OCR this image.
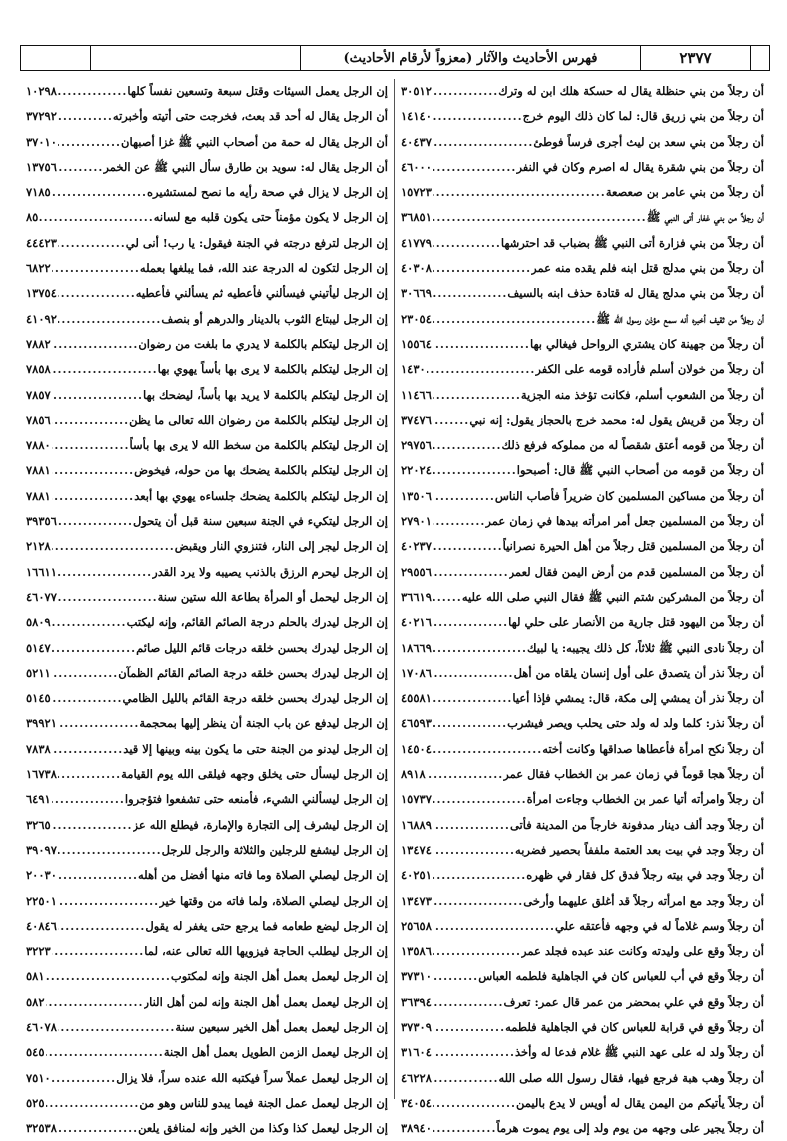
فهرس الأحاديث والآثار (معزواً لأرقام الأحاديث)	٢٣٧٧
إن الرجل يعمل السيئات وقتل سبعة وتسعين نفساً كلها
.....
١٠٢٩٨
أن الرجل يقال له أحد قد بعث، فخرجت حتى أتيته وأخبرته
.....
٣٧٢٩٢
أن الرجل يقال له حمة من أصحاب النبي ﷺ غزا أصبهان
.....
٣٧٠١٠
أن الرجل يقال له: سويد بن طارق سأل النبي ﷺ عن الخمر
.....
١٣٧٥٦
إن الرجل لا يزال في صحة رأيه ما نصح لمستشيره
.....
٧١٨٥
إن الرجل لا يكون مؤمناً حتى يكون قلبه مع لسانه
.....
٨٥
إن الرجل لترفع درجته في الجنة فيقول: يا رب! أنى لي
.....
٤٤٤٢٣
إن الرجل لتكون له الدرجة عند الله، فما يبلغها بعمله
.....
٦٨٢٢
إن الرجل ليأتيني فيسألني فأعطيه ثم يسألني فأعطيه
.....
١٣٧٥٤
إن الرجل ليبتاع الثوب بالدينار والدرهم أو بنصف
.....
٤١٠٩٢
إن الرجل ليتكلم بالكلمة لا يدري ما بلغت من رضوان
.....
٧٨٨٢
إن الرجل ليتكلم بالكلمة لا يرى بها بأساً يهوي بها
.....
٧٨٥٨
إن الرجل ليتكلم بالكلمة لا يريد بها بأساً، ليضحك بها
.....
٧٨٥٧
إن الرجل ليتكلم بالكلمة من رضوان الله تعالى ما يظن
.....
٧٨٥٦
إن الرجل ليتكلم بالكلمة من سخط الله لا يرى بها بأساً
.....
٧٨٨٠
إن الرجل ليتكلم بالكلمة يضحك بها من حوله، فيخوض
.....
٧٨٨١
إن الرجل ليتكلم بالكلمة يضحك جلساءه يهوي بها أبعد
.....
٧٨٨١
إن الرجل ليتكيء في الجنة سبعين سنة قبل أن يتحول
.....
٣٩٣٥٦
إن الرجل ليجر إلى النار، فتنزوي النار ويقبض
.....
٢١٢٨
إن الرجل ليحرم الرزق بالذنب يصيبه ولا يرد القدر
.....
١٦٦١١
إن الرجل ليحمل أو المرأة بطاعة الله ستين سنة
.....
٤٦٠٧٧
إن الرجل ليدرك بالحلم درجة الصائم القائم، وإنه ليكتب
.....
٥٨٠٩
إن الرجل ليدرك بحسن خلقه درجات قائم الليل صائم
.....
٥١٤٧
إن الرجل ليدرك بحسن خلقه درجة الصائم القائم الظمآن
.....
٥٢١١
إن الرجل ليدرك بحسن خلقه درجة القائم بالليل الظامي
.....
٥١٤٥
إن الرجل ليدفع عن باب الجنة أن ينظر إليها بمحجمة
.....
٣٩٩٢١
إن الرجل ليدنو من الجنة حتى ما يكون بينه وبينها إلا قيد
.....
٧٨٣٨
إن الرجل ليسأل حتى يخلق وجهه فيلقى الله يوم القيامة
.....
١٦٧٣٨
إن الرجل ليسألني الشيء، فأمنعه حتى تشفعوا فتؤجروا
.....
٦٤٩١
إن الرجل ليشرف إلى التجارة والإمارة، فيطلع الله عز
.....
٣٢٦٥
إن الرجل ليشفع للرجلين والثلاثة والرجل للرجل
.....
٣٩٠٩٧
إن الرجل ليصلي الصلاة وما فاته منها أفضل من أهله
.....
٢٠٠٣٠
إن الرجل ليصلي الصلاة، ولما فاته من وقتها خير
.....
٢٢٥٠١
إن الرجل ليضع طعامه فما يرجع حتى يغفر له يقول
.....
٤٠٨٤٦
إن الرجل ليطلب الحاجة فيزويها الله تعالى عنه، لما
.....
٣٢٢٣
إن الرجل ليعمل بعمل أهل الجنة وإنه لمكتوب
.....
٥٨١
إن الرجل ليعمل بعمل أهل الجنة وإنه لمن أهل النار
.....
٥٨٢
إن الرجل ليعمل بعمل أهل الخير سبعين سنة
.....
٤٦٠٧٨
إن الرجل ليعمل الزمن الطويل بعمل أهل الجنة
.....
٥٤٥
إن الرجل ليعمل عملاً سراً فيكتبه الله عنده سراً، فلا يزال
.....
٧٥١٠
إن الرجل ليعمل عمل الجنة فيما يبدو للناس وهو من
.....
٥٢٥
إن الرجل ليعمل كذا وكذا من الخير وإنه لمنافق يلعن
.....
٣٢٥٣٨
أن رجلاً من بني حنظلة يقال له حسكة هلك ابن له وترك
.....
٣٠٥١٢
أن رجلاً من بني زريق قال: لما كان ذلك اليوم خرج
.....
١٤١٤٠
أن رجلاً من بني سعد بن ليث أجرى فرساً فوطئ
.....
٤٠٤٣٧
أن رجلاً من بني شقرة يقال له اصرم وكان في النفر
.....
٤٦٠٠٠
أن رجلاً من بني عامر بن صعصعة
.....
١٥٧٢٣
أن رجلاً من بني غفار أتى النبي ﷺ
.....
٣٦٨٥١
أن رجلاً من بني فزارة أتى النبي ﷺ بضباب قد احترشها
.....
٤١٧٧٩
أن رجلاً من بني مدلج قتل ابنه فلم يقده منه عمر
.....
٤٠٣٠٨
أن رجلاً من بني مدلج يقال له قتادة حذف ابنه بالسيف
.....
٣٠٦٦٩
أن رجلاً من ثقيف أخبره أنه سمع مؤذن رسول الله ﷺ
.....
٢٣٠٥٤
أن رجلاً من جهينة كان يشتري الرواحل فيغالي بها
.....
١٥٥٦٤
أن رجلاً من خولان أسلم فأراده قومه على الكفر
.....
١٤٣٠
أن رجلاً من الشعوب أسلم، فكانت تؤخذ منه الجزية
.....
١١٤٦٦
أن رجلاً من قريش يقول له: محمد خرج بالحجاز يقول: إنه نبي
.....
٣٧٤٧٦
أن رجلاً من قومه أعتق شقصاً له من مملوكه فرفع ذلك
.....
٢٩٧٥٦
أن رجلاً من قومه من أصحاب النبي ﷺ قال: أصبحوا
.....
٢٢٠٢٤
أن رجلاً من مساكين المسلمين كان ضريراً فأصاب الناس
.....
١٣٥٠٦
أن رجلاً من المسلمين جعل أمر امرأته بيدها في زمان عمر
.....
٢٧٩٠١
أن رجلاً من المسلمين قتل رجلاً من أهل الحيرة نصرانياً
.....
٤٠٢٣٧
أن رجلاً من المسلمين قدم من أرض اليمن فقال لعمر
.....
٢٩٥٥٦
أن رجلاً من المشركين شتم النبي ﷺ فقال النبي صلى الله عليه
.....
٣٦٦١٩
أن رجلاً من اليهود قتل جارية من الأنصار على حلي لها
.....
٤٠٢١٦
أن رجلاً نادى النبي ﷺ ثلاثاً، كل ذلك يجيبه: يا لبيك
.....
١٨٦٦٩
أن رجلاً نذر أن يتصدق على أول إنسان يلقاه من أهل
.....
١٧٠٨٦
أن رجلاً نذر أن يمشي إلى مكة، قال: يمشي فإذا أعيا
.....
٤٥٥٨١
أن رجلاً نذر: كلما ولد له ولد حتى يحلب ويصر فيشرب
.....
٤٦٥٩٣
أن رجلاً نكح امرأة فأعطاها صداقها وكانت أخته
.....
١٤٥٠٤
أن رجلاً هجا قوماً في زمان عمر بن الخطاب فقال عمر
.....
٨٩١٨
أن رجلاً وامرأته أتيا عمر بن الخطاب وجاءت امرأة
.....
١٥٧٣٧
أن رجلاً وجد ألف دينار مدفونة خارجاً من المدينة فأتى
.....
١٦٨٨٩
أن رجلاً وجد في بيت بعد العتمة ملففاً بحصير فضربه
.....
١٣٤٧٤
أن رجلاً وجد في بيته رجلاً فدق كل فقار في ظهره
.....
٤٠٢٥١
أن رجلاً وجد مع امرأته رجلاً قد أغلق عليهما وأرخى
.....
١٣٤٧٣
أن رجلاً وسم غلاماً له في وجهه فأعتقه علي
.....
٢٥٦٥٨
أن رجلاً وقع على وليدته وكانت عند عبده فجلد عمر
.....
١٣٥٨٦
أن رجلاً وقع في أب للعباس كان في الجاهلية فلطمه العباس
.....
٣٧٣١٠
أن رجلاً وقع في علي بمحضر من عمر قال عمر: تعرف
.....
٣٦٣٩٤
أن رجلاً وقع في قرابة للعباس كان في الجاهلية فلطمه
.....
٣٧٣٠٩
أن رجلاً ولد له على عهد النبي ﷺ غلام فدعا له وأخذ
.....
٣١٦٠٤
أن رجلاً وهب هبة فرجع فيها، فقال رسول الله صلى الله
.....
٤٦٢٢٨
أن رجلاً يأتيكم من اليمن يقال له أويس لا يدع باليمن
.....
٣٤٠٥٤
أن رجلاً يجير على وجهه من يوم ولد إلى يوم يموت هرماً
.....
٣٨٩٤٠
